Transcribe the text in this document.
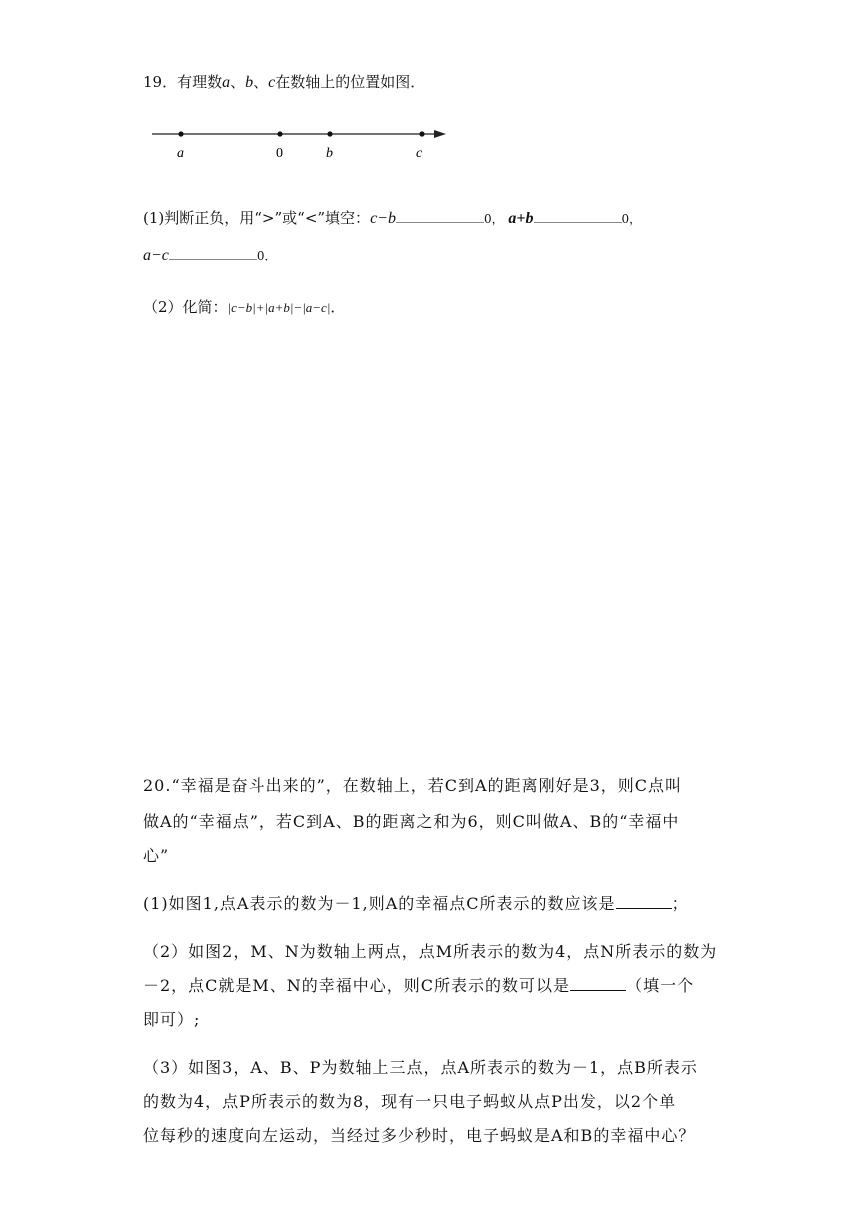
19．有理数a、b、c在数轴上的位置如图．
a	0	b	c
(1)判断正负，用“>”或“<”填空：c−b	0， a+b	0，
a−c	0．
（2）化简：|c−b|+|a+b|−|a−c|．
20.“幸福是奋斗出来的”，在数轴上，若C到A的距离刚好是3，则C点叫
做A的“幸福点”，若C到A、B的距离之和为6，则C叫做A、B的“幸福中
心”
(1)如图1,点A表示的数为－1,则A的幸福点C所表示的数应该是	；
（2）如图2，M、N为数轴上两点，点M所表示的数为4，点N所表示的数为
－2，点C就是M、N的幸福中心，则C所表示的数可以是	（填一个
即可）;
（3）如图3，A、B、P为数轴上三点，点A所表示的数为－1，点B所表示
的数为4，点P所表示的数为8，现有一只电子蚂蚁从点P出发，以2个单
位每秒的速度向左运动，当经过多少秒时，电子蚂蚁是A和B的幸福中心？
